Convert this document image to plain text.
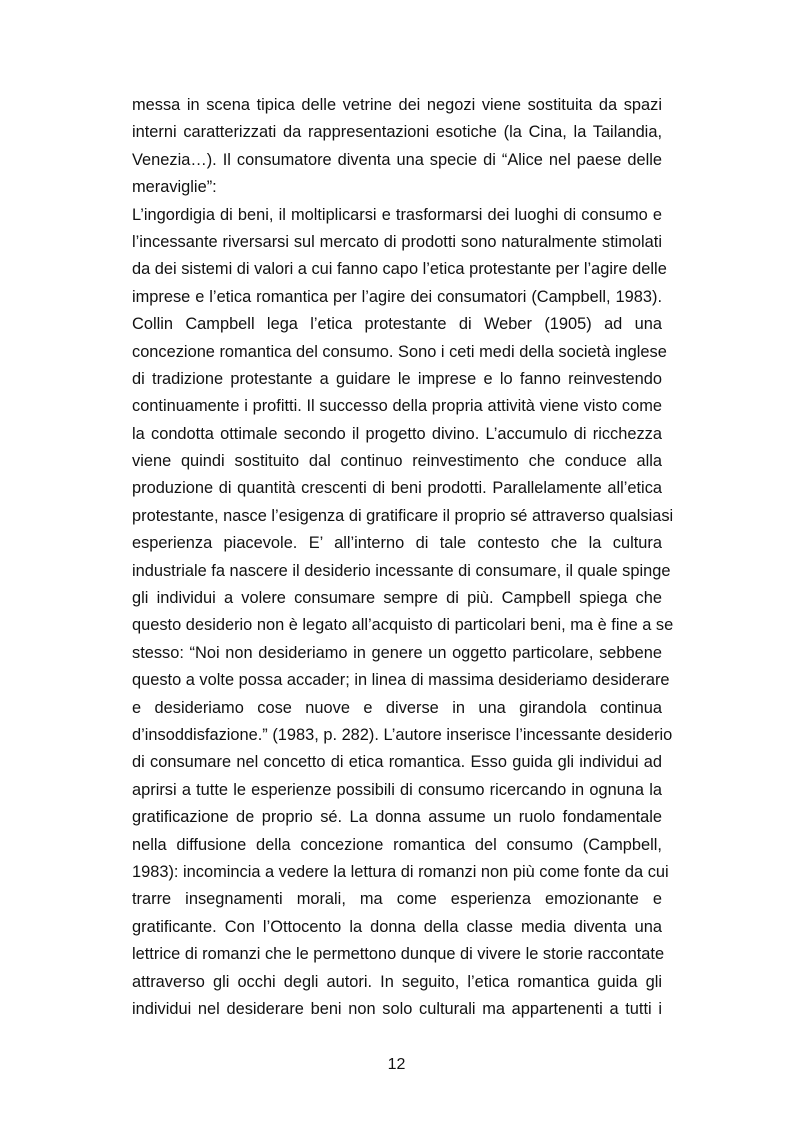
messa in scena tipica delle vetrine dei negozi viene sostituita da spazi
interni caratterizzati da rappresentazioni esotiche (la Cina, la Tailandia,
Venezia…). Il consumatore diventa una specie di “Alice nel paese delle
meraviglie”:
L’ingordigia di beni, il moltiplicarsi e trasformarsi dei luoghi di consumo e
l’incessante riversarsi sul mercato di prodotti sono naturalmente stimolati
da dei sistemi di valori a cui fanno capo l’etica protestante per l’agire delle
imprese e l’etica romantica per l’agire dei consumatori (Campbell, 1983).
Collin Campbell lega l’etica protestante di Weber (1905) ad una
concezione romantica del consumo. Sono i ceti medi della società inglese
di tradizione protestante a guidare le imprese e lo fanno reinvestendo
continuamente i profitti. Il successo della propria attività viene visto come
la condotta ottimale secondo il progetto divino. L’accumulo di ricchezza
viene quindi sostituito dal continuo reinvestimento che conduce alla
produzione di quantità crescenti di beni prodotti. Parallelamente all’etica
protestante, nasce l’esigenza di gratificare il proprio sé attraverso qualsiasi
esperienza piacevole. E’ all’interno di tale contesto che la cultura
industriale fa nascere il desiderio incessante di consumare, il quale spinge
gli individui a volere consumare sempre di più. Campbell spiega che
questo desiderio non è legato all’acquisto di particolari beni, ma è fine a se
stesso: “Noi non desideriamo in genere un oggetto particolare, sebbene
questo a volte possa accader; in linea di massima desideriamo desiderare
e desideriamo cose nuove e diverse in una girandola continua
d’insoddisfazione.” (1983, p. 282). L’autore inserisce l’incessante desiderio
di consumare nel concetto di etica romantica. Esso guida gli individui ad
aprirsi a tutte le esperienze possibili di consumo ricercando in ognuna la
gratificazione de proprio sé. La donna assume un ruolo fondamentale
nella diffusione della concezione romantica del consumo (Campbell,
1983): incomincia a vedere la lettura di romanzi non più come fonte da cui
trarre insegnamenti morali, ma come esperienza emozionante e
gratificante. Con l’Ottocento la donna della classe media diventa una
lettrice di romanzi che le permettono dunque di vivere le storie raccontate
attraverso gli occhi degli autori. In seguito, l’etica romantica guida gli
individui nel desiderare beni non solo culturali ma appartenenti a tutti i
12
